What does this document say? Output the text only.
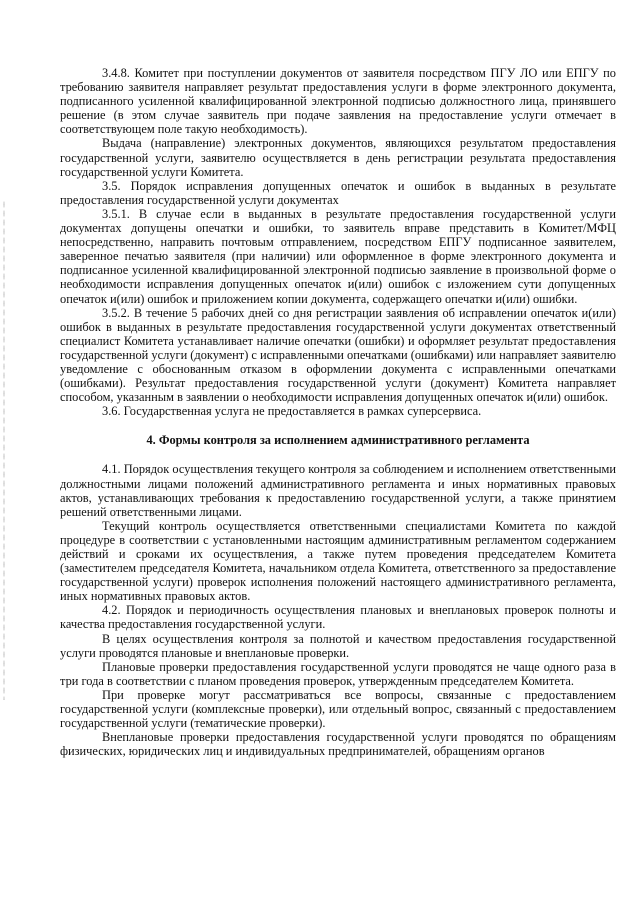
3.4.8. Комитет при поступлении документов от заявителя посредством ПГУ ЛО или ЕПГУ по требованию заявителя направляет результат предоставления услуги в форме электронного документа, подписанного усиленной квалифицированной электронной подписью должностного лица, принявшего решение (в этом случае заявитель при подаче заявления на предоставление услуги отмечает в соответствующем поле такую необходимость).

Выдача (направление) электронных документов, являющихся результатом предоставления государственной услуги, заявителю осуществляется в день регистрации результата предоставления государственной услуги Комитета.

3.5. Порядок исправления допущенных опечаток и ошибок в выданных в результате предоставления государственной услуги документах

3.5.1. В случае если в выданных в результате предоставления государственной услуги документах допущены опечатки и ошибки, то заявитель вправе представить в Комитет/МФЦ непосредственно, направить почтовым отправлением, посредством ЕПГУ подписанное заявителем, заверенное печатью заявителя (при наличии) или оформленное в форме электронного документа и подписанное усиленной квалифицированной электронной подписью заявление в произвольной форме о необходимости исправления допущенных опечаток и(или) ошибок с изложением сути допущенных опечаток и(или) ошибок и приложением копии документа, содержащего опечатки и(или) ошибки.

3.5.2. В течение 5 рабочих дней со дня регистрации заявления об исправлении опечаток и(или) ошибок в выданных в результате предоставления государственной услуги документах ответственный специалист Комитета устанавливает наличие опечатки (ошибки) и оформляет результат предоставления государственной услуги (документ) с исправленными опечатками (ошибками) или направляет заявителю уведомление с обоснованным отказом в оформлении документа с исправленными опечатками (ошибками). Результат предоставления государственной услуги (документ) Комитета направляет способом, указанным в заявлении о необходимости исправления допущенных опечаток и(или) ошибок.

3.6. Государственная услуга не предоставляется в рамках суперсервиса.

4. Формы контроля за исполнением административного регламента

4.1. Порядок осуществления текущего контроля за соблюдением и исполнением ответственными должностными лицами положений административного регламента и иных нормативных правовых актов, устанавливающих требования к предоставлению государственной услуги, а также принятием решений ответственными лицами.

Текущий контроль осуществляется ответственными специалистами Комитета по каждой процедуре в соответствии с установленными настоящим административным регламентом содержанием действий и сроками их осуществления, а также путем проведения председателем Комитета (заместителем председателя Комитета, начальником отдела Комитета, ответственного за предоставление государственной услуги) проверок исполнения положений настоящего административного регламента, иных нормативных правовых актов.

4.2. Порядок и периодичность осуществления плановых и внеплановых проверок полноты и качества предоставления государственной услуги.

В целях осуществления контроля за полнотой и качеством предоставления государственной услуги проводятся плановые и внеплановые проверки.

Плановые проверки предоставления государственной услуги проводятся не чаще одного раза в три года в соответствии с планом проведения проверок, утвержденным председателем Комитета.

При проверке могут рассматриваться все вопросы, связанные с предоставлением государственной услуги (комплексные проверки), или отдельный вопрос, связанный с предоставлением государственной услуги (тематические проверки).

Внеплановые проверки предоставления государственной услуги проводятся по обращениям физических, юридических лиц и индивидуальных предпринимателей, обращениям органов
